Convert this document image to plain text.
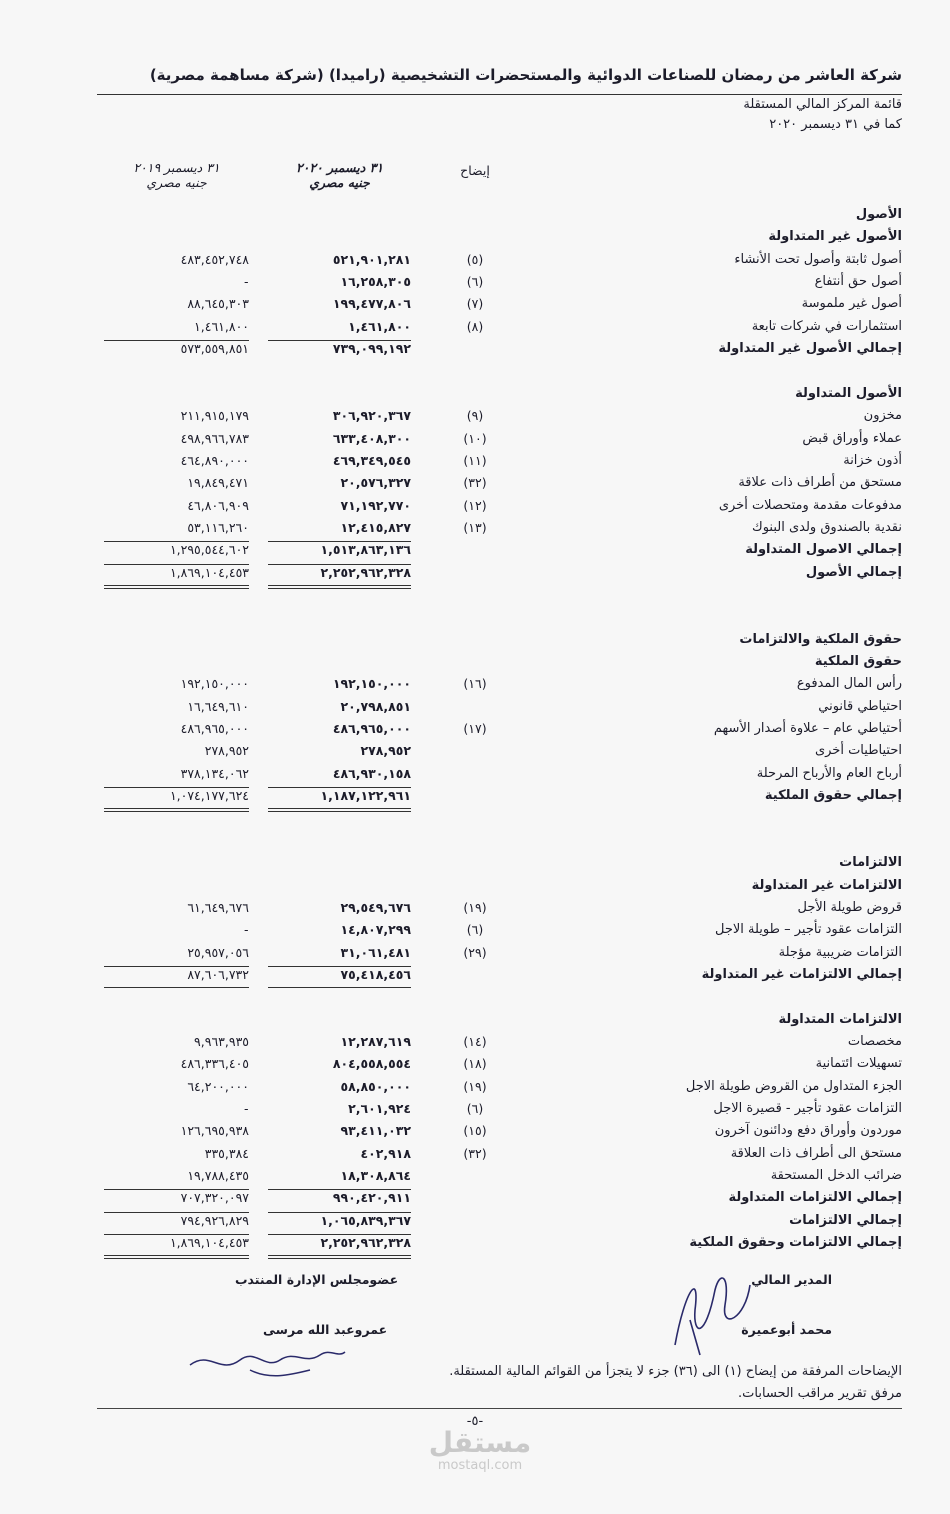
شركة العاشر من رمضان للصناعات الدوائية والمستحضرات التشخيصية (راميدا) (شركة مساهمة مصرية)
قائمة المركز المالي المستقلة
كما في ٣١ ديسمبر ٢٠٢٠
إيضاح
٣١ ديسمبر ٢٠٢٠
جنيه مصري
٣١ ديسمبر ٢٠١٩
جنيه مصري
الأصول
الأصول غير المتداولة
أصول ثابتة وأصول تحت الأنشاء
(٥)
٥٢١,٩٠١,٢٨١
٤٨٣,٤٥٢,٧٤٨
أصول حق أنتفاع
(٦)
١٦,٢٥٨,٣٠٥
-
أصول غير ملموسة
(٧)
١٩٩,٤٧٧,٨٠٦
٨٨,٦٤٥,٣٠٣
استثمارات في شركات تابعة
(٨)
١,٤٦١,٨٠٠
١,٤٦١,٨٠٠
إجمالي الأصول غير المتداولة
٧٣٩,٠٩٩,١٩٢
٥٧٣,٥٥٩,٨٥١
الأصول المتداولة
مخزون
(٩)
٣٠٦,٩٢٠,٣٦٧
٢١١,٩١٥,١٧٩
عملاء وأوراق قبض
(١٠)
٦٣٣,٤٠٨,٣٠٠
٤٩٨,٩٦٦,٧٨٣
أذون خزانة
(١١)
٤٦٩,٣٤٩,٥٤٥
٤٦٤,٨٩٠,٠٠٠
مستحق من أطراف ذات علاقة
(٣٢)
٢٠,٥٧٦,٣٢٧
١٩,٨٤٩,٤٧١
مدفوعات مقدمة ومتحصلات أخرى
(١٢)
٧١,١٩٢,٧٧٠
٤٦,٨٠٦,٩٠٩
نقدية بالصندوق ولدى البنوك
(١٣)
١٢,٤١٥,٨٢٧
٥٣,١١٦,٢٦٠
إجمالي الاصول المتداولة
١,٥١٣,٨٦٣,١٣٦
١,٢٩٥,٥٤٤,٦٠٢
إجمالي الأصول
٢,٢٥٢,٩٦٢,٣٢٨
١,٨٦٩,١٠٤,٤٥٣
حقوق الملكية والالتزامات
حقوق الملكية
رأس المال المدفوع
(١٦)
١٩٢,١٥٠,٠٠٠
١٩٢,١٥٠,٠٠٠
احتياطي قانوني
٢٠,٧٩٨,٨٥١
١٦,٦٤٩,٦١٠
أحتياطي عام – علاوة أصدار الأسهم
(١٧)
٤٨٦,٩٦٥,٠٠٠
٤٨٦,٩٦٥,٠٠٠
احتياطيات أخرى
٢٧٨,٩٥٢
٢٧٨,٩٥٢
أرباح العام والأرباح المرحلة
٤٨٦,٩٣٠,١٥٨
٣٧٨,١٣٤,٠٦٢
إجمالي حقوق الملكية
١,١٨٧,١٢٢,٩٦١
١,٠٧٤,١٧٧,٦٢٤
الالتزامات
الالتزامات غير المتداولة
قروض طويلة الأجل
(١٩)
٢٩,٥٤٩,٦٧٦
٦١,٦٤٩,٦٧٦
التزامات عقود تأجير – طويلة الاجل
(٦)
١٤,٨٠٧,٢٩٩
-
التزامات ضريبية مؤجلة
(٢٩)
٣١,٠٦١,٤٨١
٢٥,٩٥٧,٠٥٦
إجمالي الالتزامات غير المتداولة
٧٥,٤١٨,٤٥٦
٨٧,٦٠٦,٧٣٢
الالتزامات المتداولة
مخصصات
(١٤)
١٢,٢٨٧,٦١٩
٩,٩٦٣,٩٣٥
تسهيلات ائتمانية
(١٨)
٨٠٤,٥٥٨,٥٥٤
٤٨٦,٣٣٦,٤٠٥
الجزء المتداول من القروض طويلة الاجل
(١٩)
٥٨,٨٥٠,٠٠٠
٦٤,٢٠٠,٠٠٠
التزامات عقود تأجير - قصيرة الاجل
(٦)
٢,٦٠١,٩٢٤
-
موردون وأوراق دفع ودائنون آخرون
(١٥)
٩٣,٤١١,٠٣٢
١٢٦,٦٩٥,٩٣٨
مستحق الى أطراف ذات العلاقة
(٣٢)
٤٠٢,٩١٨
٣٣٥,٣٨٤
ضرائب الدخل المستحقة
١٨,٣٠٨,٨٦٤
١٩,٧٨٨,٤٣٥
إجمالي الالتزامات المتداولة
٩٩٠,٤٢٠,٩١١
٧٠٧,٣٢٠,٠٩٧
إجمالي الالتزامات
١,٠٦٥,٨٣٩,٣٦٧
٧٩٤,٩٢٦,٨٢٩
إجمالي الالتزامات وحقوق الملكية
٢,٢٥٢,٩٦٢,٣٢٨
١,٨٦٩,١٠٤,٤٥٣
المدير المالي
محمد أبوعميرة
عضومجلس الإدارة المنتدب
عمروعبد الله مرسى
الإيضاحات المرفقة من إيضاح (١) الى (٣٦) جزء لا يتجزأ من القوائم المالية المستقلة.
مرفق تقرير مراقب الحسابات.
-٥-
مستقل
mostaql.com
